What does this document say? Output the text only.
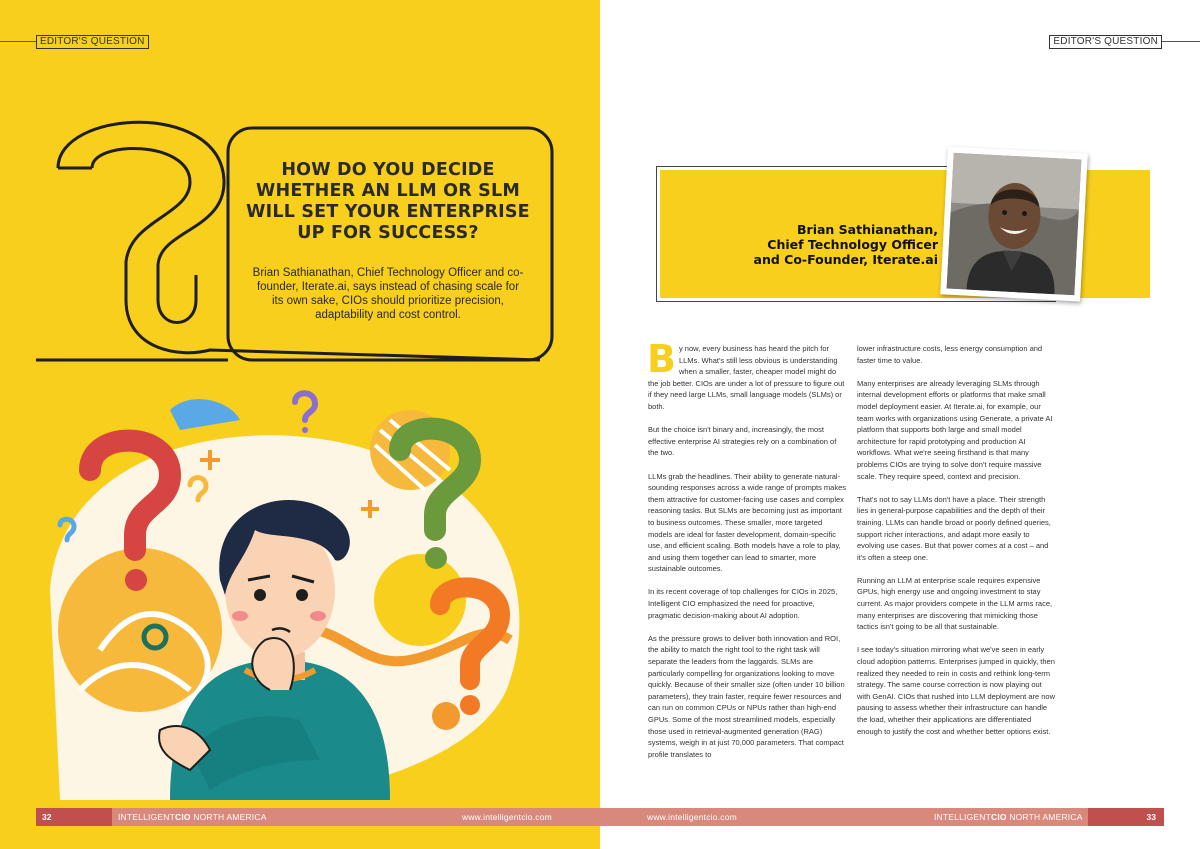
EDITOR'S QUESTION
HOW DO YOU DECIDE WHETHER AN LLM OR SLM WILL SET YOUR ENTERPRISE UP FOR SUCCESS?

Brian Sathianathan, Chief Technology Officer and co-founder, Iterate.ai, says instead of chasing scale for its own sake, CIOs should prioritize precision, adaptability and cost control.

EDITOR'S QUESTION
Brian Sathianathan,
Chief Technology Officer
and Co-Founder, Iterate.ai

By now, every business has heard the pitch for LLMs. What's still less obvious is understanding when a smaller, faster, cheaper model might do the job better. CIOs are under a lot of pressure to figure out if they need large LLMs, small language models (SLMs) or both.

But the choice isn't binary and, increasingly, the most effective enterprise AI strategies rely on a combination of the two.

LLMs grab the headlines. Their ability to generate natural-sounding responses across a wide range of prompts makes them attractive for customer-facing use cases and complex reasoning tasks. But SLMs are becoming just as important to business outcomes. These smaller, more targeted models are ideal for faster development, domain-specific use, and efficient scaling. Both models have a role to play, and using them together can lead to smarter, more sustainable outcomes.

In its recent coverage of top challenges for CIOs in 2025, Intelligent CIO emphasized the need for proactive, pragmatic decision-making about AI adoption.

As the pressure grows to deliver both innovation and ROI, the ability to match the right tool to the right task will separate the leaders from the laggards. SLMs are particularly compelling for organizations looking to move quickly. Because of their smaller size (often under 10 billion parameters), they train faster, require fewer resources and can run on common CPUs or NPUs rather than high-end GPUs. Some of the most streamlined models, especially those used in retrieval-augmented generation (RAG) systems, weigh in at just 70,000 parameters. That compact profile translates to

lower infrastructure costs, less energy consumption and faster time to value.

Many enterprises are already leveraging SLMs through internal development efforts or platforms that make small model deployment easier. At Iterate.ai, for example, our team works with organizations using Generate, a private AI platform that supports both large and small model architecture for rapid prototyping and production AI workflows. What we're seeing firsthand is that many problems CIOs are trying to solve don't require massive scale. They require speed, context and precision.

That's not to say LLMs don't have a place. Their strength lies in general-purpose capabilities and the depth of their training. LLMs can handle broad or poorly defined queries, support richer interactions, and adapt more easily to evolving use cases. But that power comes at a cost – and it's often a steep one.

Running an LLM at enterprise scale requires expensive GPUs, high energy use and ongoing investment to stay current. As major providers compete in the LLM arms race, many enterprises are discovering that mimicking those tactics isn't going to be all that sustainable.

I see today's situation mirroring what we've seen in early cloud adoption patterns. Enterprises jumped in quickly, then realized they needed to rein in costs and rethink long-term strategy. The same course correction is now playing out with GenAI. CIOs that rushed into LLM deployment are now pausing to assess whether their infrastructure can handle the load, whether their applications are differentiated enough to justify the cost and whether better options exist.

32	33
INTELLIGENTCIO NORTH AMERICA	www.intelligentcio.com	www.intelligentcio.com	INTELLIGENTCIO NORTH AMERICA
